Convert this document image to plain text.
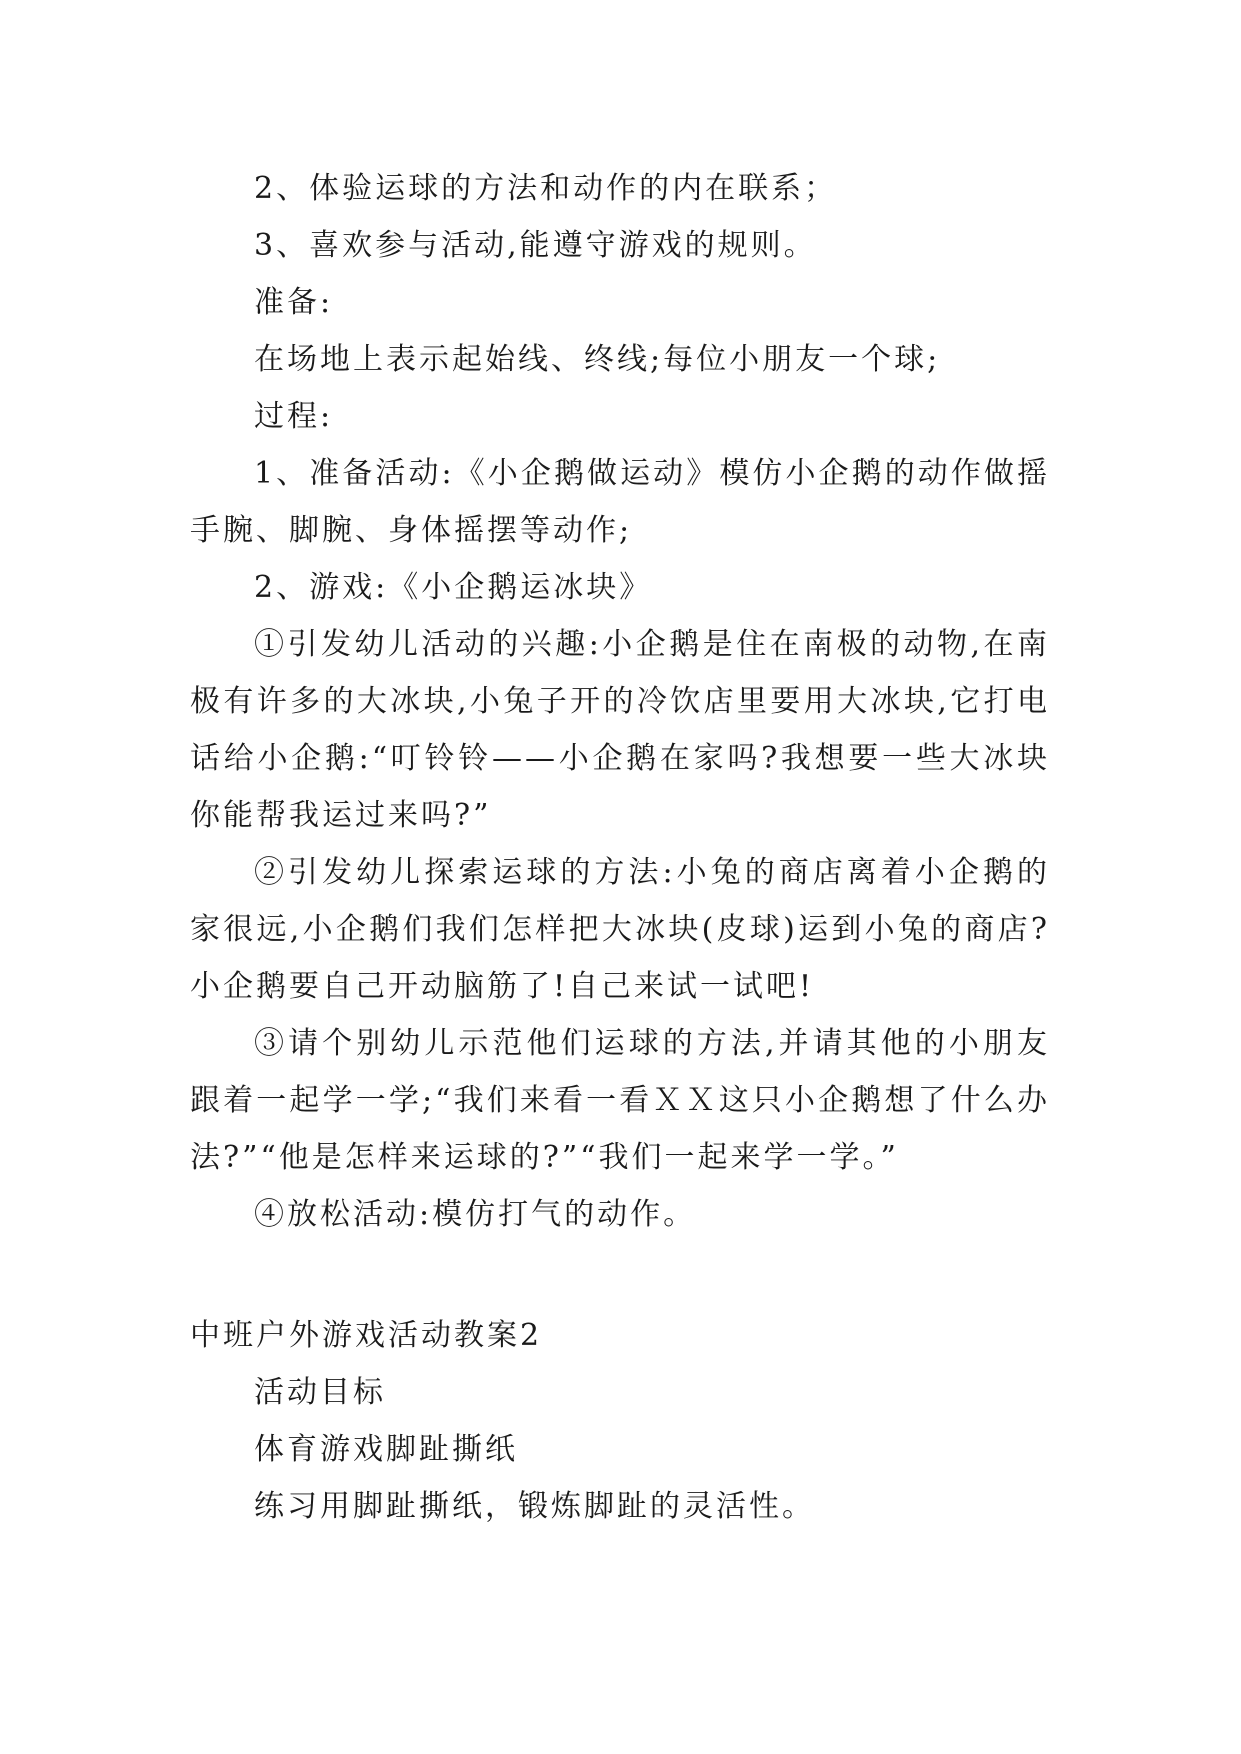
2、体验运球的方法和动作的内在联系；

3、喜欢参与活动,能遵守游戏的规则。

准备:

在场地上表示起始线、终线;每位小朋友一个球;

过程:

1、准备活动:《小企鹅做运动》模仿小企鹅的动作做摇手腕、脚腕、身体摇摆等动作;

2、游戏:《小企鹅运冰块》

①引发幼儿活动的兴趣:小企鹅是住在南极的动物,在南极有许多的大冰块,小兔子开的冷饮店里要用大冰块,它打电话给小企鹅:“叮铃铃——小企鹅在家吗?我想要一些大冰块你能帮我运过来吗?”

②引发幼儿探索运球的方法:小兔的商店离着小企鹅的家很远,小企鹅们我们怎样把大冰块(皮球)运到小兔的商店?小企鹅要自己开动脑筋了!自己来试一试吧!

③请个别幼儿示范他们运球的方法,并请其他的小朋友跟着一起学一学;“我们来看一看ＸＸ这只小企鹅想了什么办法?”“他是怎样来运球的?”“我们一起来学一学。”

④放松活动:模仿打气的动作。

中班户外游戏活动教案2

活动目标

体育游戏脚趾撕纸

练习用脚趾撕纸，锻炼脚趾的灵活性。
